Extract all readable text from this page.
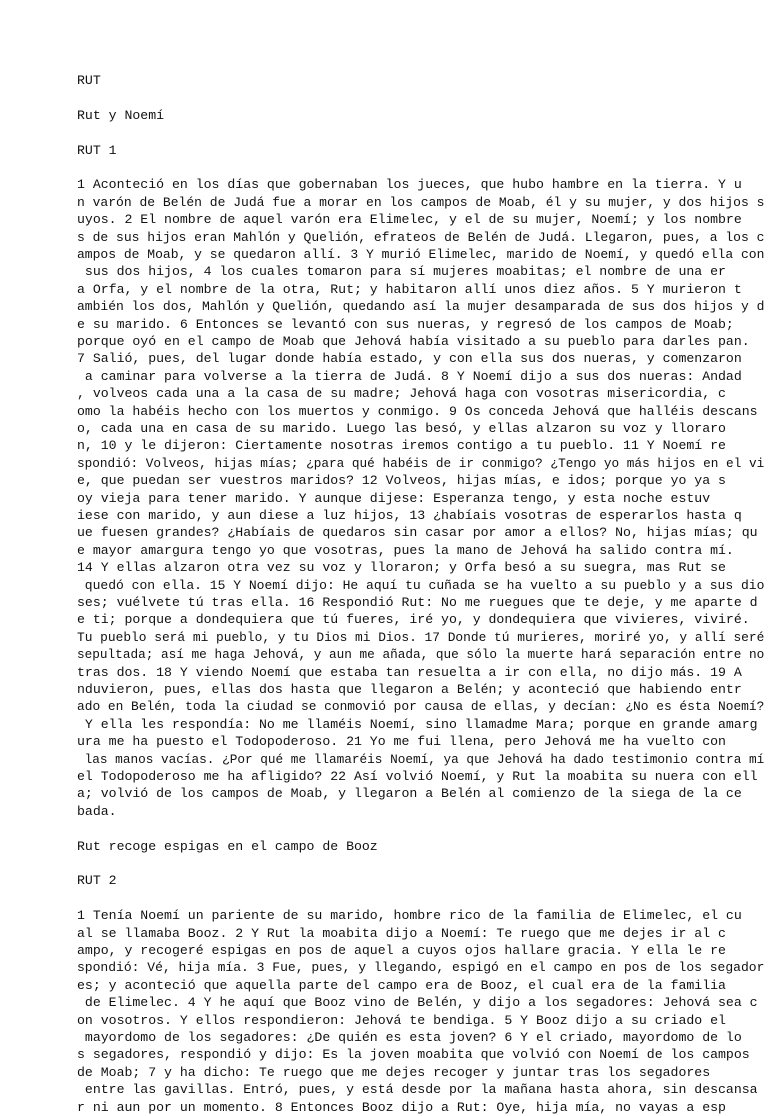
RUT
Rut y Noemí
RUT 1
1 Aconteció en los días que gobernaban los jueces, que hubo hambre en la tierra. Y u
n varón de Belén de Judá fue a morar en los campos de Moab, él y su mujer, y dos hijos s
uyos. 2 El nombre de aquel varón era Elimelec, y el de su mujer, Noemí; y los nombre
s de sus hijos eran Mahlón y Quelión, efrateos de Belén de Judá. Llegaron, pues, a los c
ampos de Moab, y se quedaron allí. 3 Y murió Elimelec, marido de Noemí, y quedó ella con
sus dos hijos, 4 los cuales tomaron para sí mujeres moabitas; el nombre de una er
a Orfa, y el nombre de la otra, Rut; y habitaron allí unos diez años. 5 Y murieron t
ambién los dos, Mahlón y Quelión, quedando así la mujer desamparada de sus dos hijos y d
e su marido. 6 Entonces se levantó con sus nueras, y regresó de los campos de Moab;
porque oyó en el campo de Moab que Jehová había visitado a su pueblo para darles pan.
7 Salió, pues, del lugar donde había estado, y con ella sus dos nueras, y comenzaron
a caminar para volverse a la tierra de Judá. 8 Y Noemí dijo a sus dos nueras: Andad
, volveos cada una a la casa de su madre; Jehová haga con vosotras misericordia, c
omo la habéis hecho con los muertos y conmigo. 9 Os conceda Jehová que halléis descans
o, cada una en casa de su marido. Luego las besó, y ellas alzaron su voz y lloraro
n, 10 y le dijeron: Ciertamente nosotras iremos contigo a tu pueblo. 11 Y Noemí re
spondió: Volveos, hijas mías; ¿para qué habéis de ir conmigo? ¿Tengo yo más hijos en el vi
e, que puedan ser vuestros maridos? 12 Volveos, hijas mías, e idos; porque yo ya s
oy vieja para tener marido. Y aunque dijese: Esperanza tengo, y esta noche estuv
iese con marido, y aun diese a luz hijos, 13 ¿habíais vosotras de esperarlos hasta q
ue fuesen grandes? ¿Habíais de quedaros sin casar por amor a ellos? No, hijas mías; qu
e mayor amargura tengo yo que vosotras, pues la mano de Jehová ha salido contra mí.
14 Y ellas alzaron otra vez su voz y lloraron; y Orfa besó a su suegra, mas Rut se
quedó con ella. 15 Y Noemí dijo: He aquí tu cuñada se ha vuelto a su pueblo y a sus dio
ses; vuélvete tú tras ella. 16 Respondió Rut: No me ruegues que te deje, y me aparte d
e ti; porque a dondequiera que tú fueres, iré yo, y dondequiera que vivieres, viviré.
Tu pueblo será mi pueblo, y tu Dios mi Dios. 17 Donde tú murieres, moriré yo, y allí seré
sepultada; así me haga Jehová, y aun me añada, que sólo la muerte hará separación entre no
tras dos. 18 Y viendo Noemí que estaba tan resuelta a ir con ella, no dijo más. 19 A
nduvieron, pues, ellas dos hasta que llegaron a Belén; y aconteció que habiendo entr
ado en Belén, toda la ciudad se conmovió por causa de ellas, y decían: ¿No es ésta Noemí?
Y ella les respondía: No me llaméis Noemí, sino llamadme Mara; porque en grande amarg
ura me ha puesto el Todopoderoso. 21 Yo me fui llena, pero Jehová me ha vuelto con
las manos vacías. ¿Por qué me llamaréis Noemí, ya que Jehová ha dado testimonio contra mí
el Todopoderoso me ha afligido? 22 Así volvió Noemí, y Rut la moabita su nuera con ell
a; volvió de los campos de Moab, y llegaron a Belén al comienzo de la siega de la ce
bada.
Rut recoge espigas en el campo de Booz
RUT 2
1 Tenía Noemí un pariente de su marido, hombre rico de la familia de Elimelec, el cu
al se llamaba Booz. 2 Y Rut la moabita dijo a Noemí: Te ruego que me dejes ir al c
ampo, y recogeré espigas en pos de aquel a cuyos ojos hallare gracia. Y ella le re
spondió: Vé, hija mía. 3 Fue, pues, y llegando, espigó en el campo en pos de los segador
es; y aconteció que aquella parte del campo era de Booz, el cual era de la familia
de Elimelec. 4 Y he aquí que Booz vino de Belén, y dijo a los segadores: Jehová sea c
on vosotros. Y ellos respondieron: Jehová te bendiga. 5 Y Booz dijo a su criado el
mayordomo de los segadores: ¿De quién es esta joven? 6 Y el criado, mayordomo de lo
s segadores, respondió y dijo: Es la joven moabita que volvió con Noemí de los campos
de Moab; 7 y ha dicho: Te ruego que me dejes recoger y juntar tras los segadores
entre las gavillas. Entró, pues, y está desde por la mañana hasta ahora, sin descansa
r ni aun por un momento. 8 Entonces Booz dijo a Rut: Oye, hija mía, no vayas a esp
